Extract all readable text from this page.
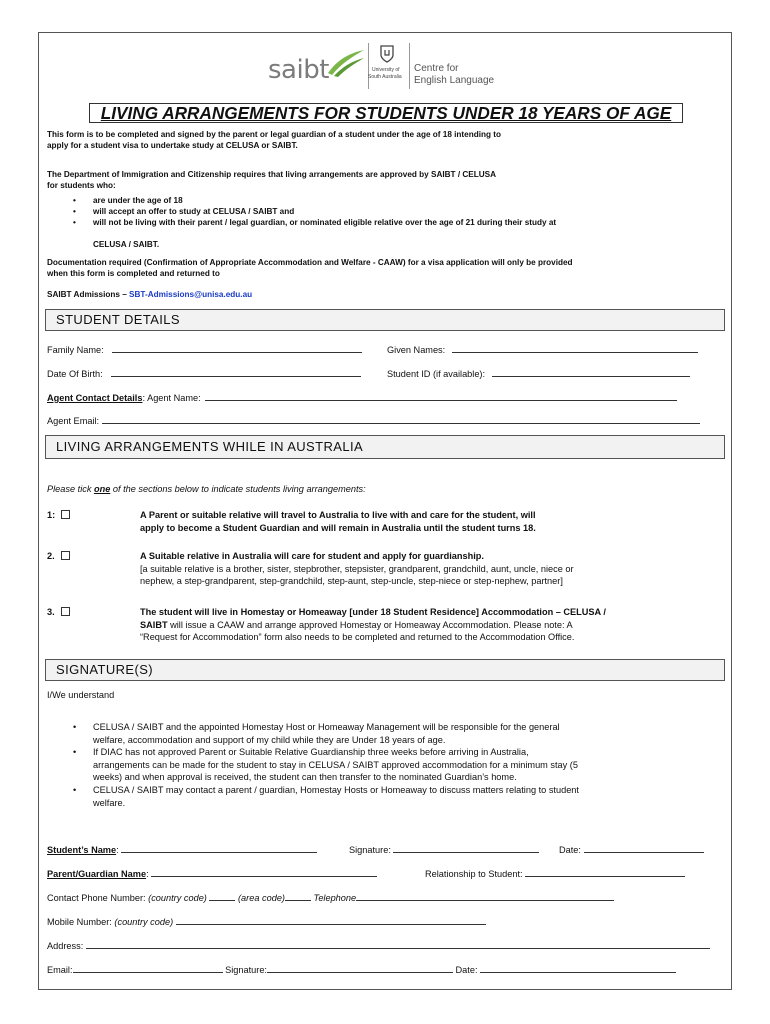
saibt	University of
South Australia
Centre for
English Language
LIVING ARRANGEMENTS FOR STUDENTS UNDER 18 YEARS OF AGE
This form is to be completed and signed by the parent or legal guardian of a student under the age of 18 intending to
apply for a student visa to undertake study at CELUSA or SAIBT.
The Department of Immigration and Citizenship requires that living arrangements are approved by SAIBT / CELUSA
for students who:
• are under the age of 18
• will accept an offer to study at CELUSA / SAIBT and
• will not be living with their parent / legal guardian, or nominated eligible relative over the age of 21 during their study at
CELUSA / SAIBT.
Documentation required (Confirmation of Appropriate Accommodation and Welfare - CAAW) for a visa application will only be provided
when this form is completed and returned to
SAIBT Admissions – SBT-Admissions@unisa.edu.au
STUDENT DETAILS
Family Name:	Given Names:
Date Of Birth:	Student ID (if available):
Agent Contact Details: Agent Name:
Agent Email:
LIVING ARRANGEMENTS WHILE IN AUSTRALIA
Please tick one of the sections below to indicate students living arrangements:
1:	A Parent or suitable relative will travel to Australia to live with and care for the student, will
apply to become a Student Guardian and will remain in Australia until the student turns 18.
2.	A Suitable relative in Australia will care for student and apply for guardianship.
[a suitable relative is a brother, sister, stepbrother, stepsister, grandparent, grandchild, aunt, uncle, niece or
nephew, a step-grandparent, step-grandchild, step-aunt, step-uncle, step-niece or step-nephew, partner]
3.	The student will live in Homestay or Homeaway [under 18 Student Residence] Accommodation – CELUSA /
SAIBT will issue a CAAW and arrange approved Homestay or Homeaway Accommodation. Please note: A
“Request for Accommodation” form also needs to be completed and returned to the Accommodation Office.
SIGNATURE(S)
I/We understand
• CELUSA / SAIBT and the appointed Homestay Host or Homeaway Management will be responsible for the general
welfare, accommodation and support of my child while they are Under 18 years of age.
• If DIAC has not approved Parent or Suitable Relative Guardianship three weeks before arriving in Australia,
arrangements can be made for the student to stay in CELUSA / SAIBT approved accommodation for a minimum stay (5
weeks) and when approval is received, the student can then transfer to the nominated Guardian’s home.
• CELUSA / SAIBT may contact a parent / guardian, Homestay Hosts or Homeaway to discuss matters relating to student
welfare.
Student’s Name:	Signature:	Date:
Parent/Guardian Name:	Relationship to Student:
Contact Phone Number: (country code)	(area code)	Telephone
Mobile Number: (country code)
Address:
Email:	Signature:	Date:
